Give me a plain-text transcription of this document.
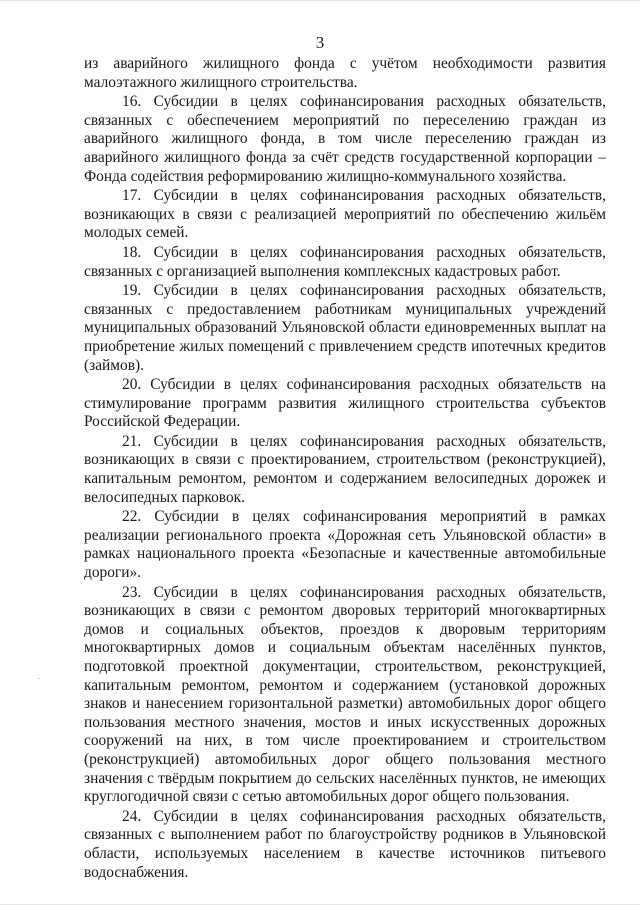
.
3

из аварийного жилищного фонда с учётом необходимости развития малоэтажного жилищного строительства.

16. Субсидии в целях софинансирования расходных обязательств, связанных с обеспечением мероприятий по переселению граждан из аварийного жилищного фонда, в том числе переселению граждан из аварийного жилищного фонда за счёт средств государственной корпорации – Фонда содействия реформированию жилищно-коммунального хозяйства.

17. Субсидии в целях софинансирования расходных обязательств, возникающих в связи с реализацией мероприятий по обеспечению жильём молодых семей.

18. Субсидии в целях софинансирования расходных обязательств, связанных с организацией выполнения комплексных кадастровых работ.

19. Субсидии в целях софинансирования расходных обязательств, связанных с предоставлением работникам муниципальных учреждений муниципальных образований Ульяновской области единовременных выплат на приобретение жилых помещений с привлечением средств ипотечных кредитов (займов).

20. Субсидии в целях софинансирования расходных обязательств на стимулирование программ развития жилищного строительства субъектов Российской Федерации.

21. Субсидии в целях софинансирования расходных обязательств, возникающих в связи с проектированием, строительством (реконструкцией), капитальным ремонтом, ремонтом и содержанием велосипедных дорожек и велосипедных парковок.

22. Субсидии в целях софинансирования мероприятий в рамках реализации регионального проекта «Дорожная сеть Ульяновской области» в рамках национального проекта «Безопасные и качественные автомобильные дороги».

23. Субсидии в целях софинансирования расходных обязательств, возникающих в связи с ремонтом дворовых территорий многоквартирных домов и социальных объектов, проездов к дворовым территориям многоквартирных домов и социальным объектам населённых пунктов, подготовкой проектной документации, строительством, реконструкцией, капитальным ремонтом, ремонтом и содержанием (установкой дорожных знаков и нанесением горизонтальной разметки) автомобильных дорог общего пользования местного значения, мостов и иных искусственных дорожных сооружений на них, в том числе проектированием и строительством (реконструкцией) автомобильных дорог общего пользования местного значения с твёрдым покрытием до сельских населённых пунктов, не имеющих круглогодичной связи с сетью автомобильных дорог общего пользования.

24. Субсидии в целях софинансирования расходных обязательств, связанных с выполнением работ по благоустройству родников в Ульяновской области, используемых населением в качестве источников питьевого водоснабжения.
